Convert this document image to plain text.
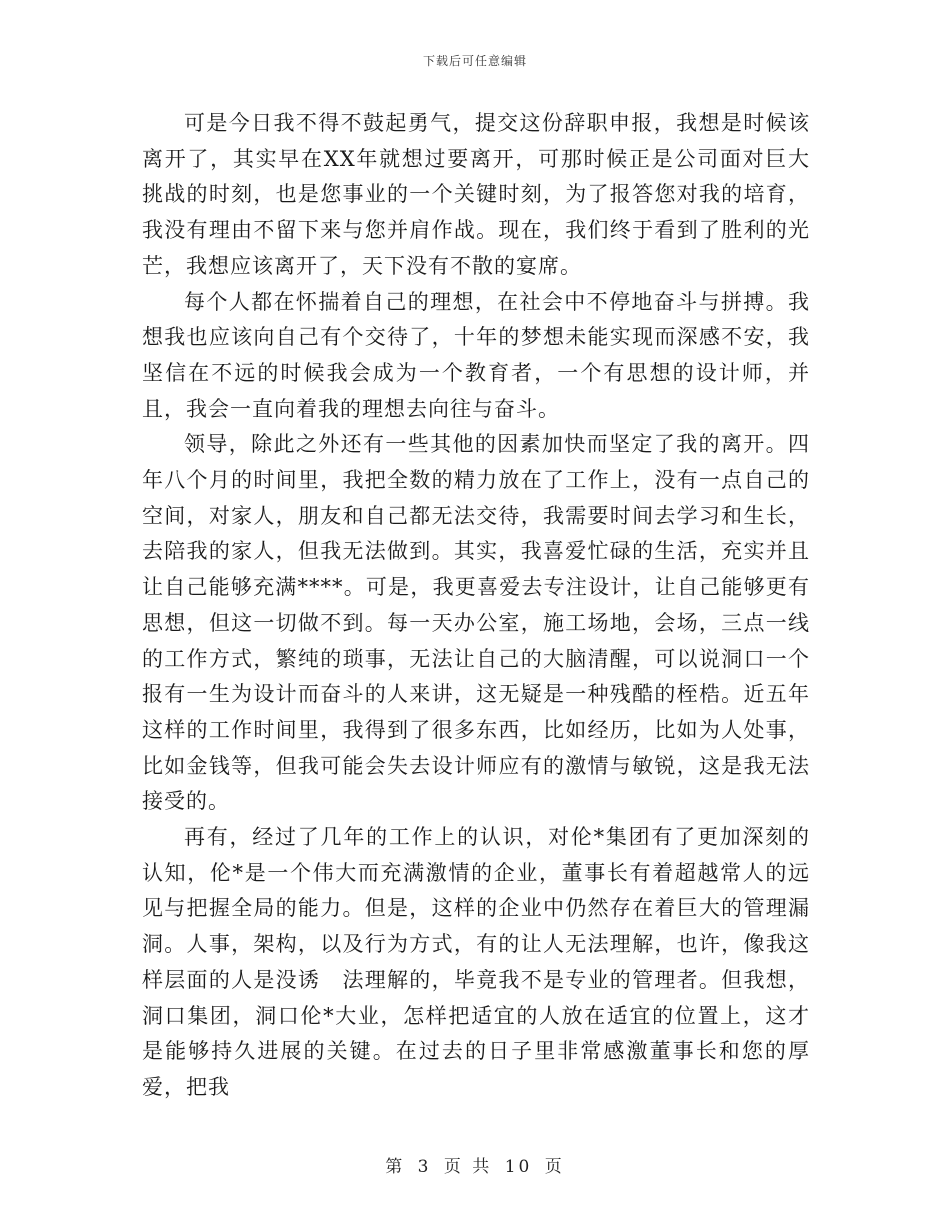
下载后可任意编辑

可是今日我不得不鼓起勇气，提交这份辞职申报，我想是时候该离开了，其实早在XX年就想过要离开，可那时候正是公司面对巨大挑战的时刻，也是您事业的一个关键时刻，为了报答您对我的培育，我没有理由不留下来与您并肩作战。现在，我们终于看到了胜利的光芒，我想应该离开了，天下没有不散的宴席。

每个人都在怀揣着自己的理想，在社会中不停地奋斗与拼搏。我想我也应该向自己有个交待了，十年的梦想未能实现而深感不安，我坚信在不远的时候我会成为一个教育者，一个有思想的设计师，并且，我会一直向着我的理想去向往与奋斗。

领导，除此之外还有一些其他的因素加快而坚定了我的离开。四年八个月的时间里，我把全数的精力放在了工作上，没有一点自己的空间，对家人，朋友和自己都无法交待，我需要时间去学习和生长，去陪我的家人，但我无法做到。其实，我喜爱忙碌的生活，充实并且让自己能够充满****。可是，我更喜爱去专注设计，让自己能够更有思想，但这一切做不到。每一天办公室，施工场地，会场，三点一线的工作方式，繁纯的琐事，无法让自己的大脑清醒，可以说洞口一个报有一生为设计而奋斗的人来讲，这无疑是一种残酷的桎梏。近五年这样的工作时间里，我得到了很多东西，比如经历，比如为人处事，比如金钱等，但我可能会失去设计师应有的激情与敏锐，这是我无法接受的。

再有，经过了几年的工作上的认识，对伦*集团有了更加深刻的认知，伦*是一个伟大而充满激情的企业，董事长有着超越常人的远见与把握全局的能力。但是，这样的企业中仍然存在着巨大的管理漏洞。人事，架构，以及行为方式，有的让人无法理解，也许，像我这样层面的人是没诱　法理解的，毕竟我不是专业的管理者。但我想，洞口集团，洞口伦*大业，怎样把适宜的人放在适宜的位置上，这才是能够持久进展的关键。在过去的日子里非常感激董事长和您的厚爱，把我

第 3 页 共 10 页
